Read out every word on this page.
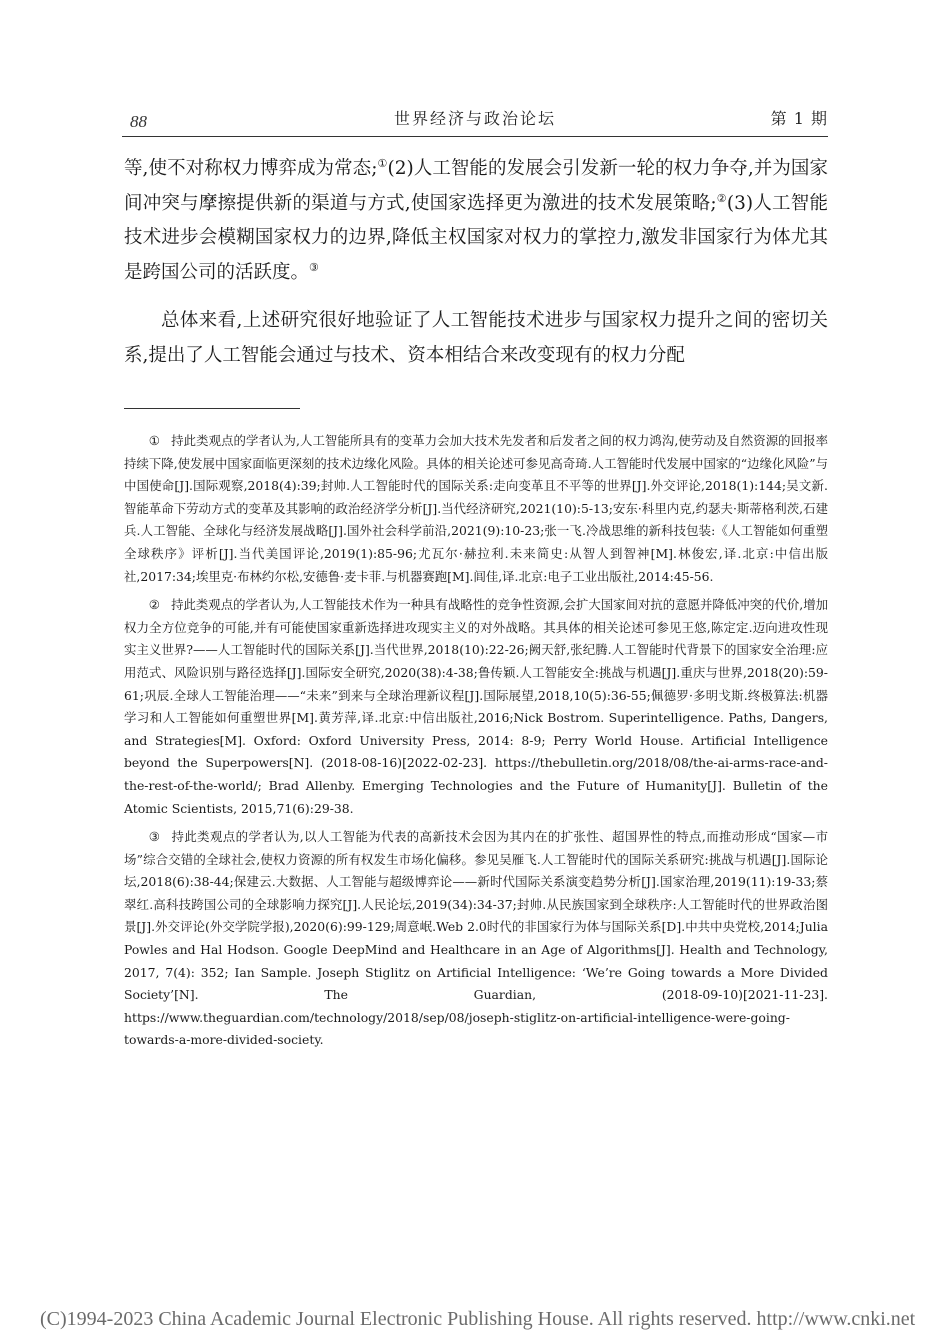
88	世界经济与政治论坛	第 1 期

等,使不对称权力博弈成为常态;①(2)人工智能的发展会引发新一轮的权力争夺,并为国家间冲突与摩擦提供新的渠道与方式,使国家选择更为激进的技术发展策略;②(3)人工智能技术进步会模糊国家权力的边界,降低主权国家对权力的掌控力,激发非国家行为体尤其是跨国公司的活跃度。③

总体来看,上述研究很好地验证了人工智能技术进步与国家权力提升之间的密切关系,提出了人工智能会通过与技术、资本相结合来改变现有的权力分配

① 持此类观点的学者认为,人工智能所具有的变革力会加大技术先发者和后发者之间的权力鸿沟,使劳动及自然资源的回报率持续下降,使发展中国家面临更深刻的技术边缘化风险。具体的相关论述可参见高奇琦.人工智能时代发展中国家的“边缘化风险”与中国使命[J].国际观察,2018(4):39;封帅.人工智能时代的国际关系:走向变革且不平等的世界[J].外交评论,2018(1):144;吴文新.智能革命下劳动方式的变革及其影响的政治经济学分析[J].当代经济研究,2021(10):5-13;安东·科里内克,约瑟夫·斯蒂格利茨,石建兵.人工智能、全球化与经济发展战略[J].国外社会科学前沿,2021(9):10-23;张一飞.冷战思维的新科技包装:《人工智能如何重塑全球秩序》评析[J].当代美国评论,2019(1):85-96;尤瓦尔·赫拉利.未来简史:从智人到智神[M].林俊宏,译.北京:中信出版社,2017:34;埃里克·布林约尔松,安德鲁·麦卡菲.与机器赛跑[M].闾佳,译.北京:电子工业出版社,2014:45-56.

② 持此类观点的学者认为,人工智能技术作为一种具有战略性的竞争性资源,会扩大国家间对抗的意愿并降低冲突的代价,增加权力全方位竞争的可能,并有可能使国家重新选择进攻现实主义的对外战略。其具体的相关论述可参见王悠,陈定定.迈向进攻性现实主义世界?——人工智能时代的国际关系[J].当代世界,2018(10):22-26;阙天舒,张纪腾.人工智能时代背景下的国家安全治理:应用范式、风险识别与路径选择[J].国际安全研究,2020(38):4-38;鲁传颖.人工智能安全:挑战与机遇[J].重庆与世界,2018(20):59-61;巩辰.全球人工智能治理——“未来”到来与全球治理新议程[J].国际展望,2018,10(5):36-55;佩德罗·多明戈斯.终极算法:机器学习和人工智能如何重塑世界[M].黄芳萍,译.北京:中信出版社,2016;Nick Bostrom. Superintelligence. Paths, Dangers, and Strategies[M]. Oxford: Oxford University Press, 2014: 8-9; Perry World House. Artificial Intelligence beyond the Superpowers[N]. (2018-08-16)[2022-02-23]. https://thebulletin.org/2018/08/the-ai-arms-race-and-the-rest-of-the-world/; Brad Allenby. Emerging Technologies and the Future of Humanity[J]. Bulletin of the Atomic Scientists, 2015,71(6):29-38.

③ 持此类观点的学者认为,以人工智能为代表的高新技术会因为其内在的扩张性、超国界性的特点,而推动形成“国家—市场”综合交错的全球社会,使权力资源的所有权发生市场化偏移。参见吴雁飞.人工智能时代的国际关系研究:挑战与机遇[J].国际论坛,2018(6):38-44;保建云.大数据、人工智能与超级博弈论——新时代国际关系演变趋势分析[J].国家治理,2019(11):19-33;蔡翠红.高科技跨国公司的全球影响力探究[J].人民论坛,2019(34):34-37;封帅.从民族国家到全球秩序:人工智能时代的世界政治图景[J].外交评论(外交学院学报),2020(6):99-129;周意岷.Web 2.0时代的非国家行为体与国际关系[D].中共中央党校,2014;Julia Powles and Hal Hodson. Google DeepMind and Healthcare in an Age of Algorithms[J]. Health and Technology, 2017, 7(4): 352; Ian Sample. Joseph Stiglitz on Artificial Intelligence: ‘We’re Going towards a More Divided Society’[N]. The Guardian, (2018-09-10)[2021-11-23]. https://www.theguardian.com/technology/2018/sep/08/joseph-stiglitz-on-artificial-intelligence-were-going-towards-a-more-divided-society.

(C)1994-2023 China Academic Journal Electronic Publishing House. All rights reserved. http://www.cnki.net
